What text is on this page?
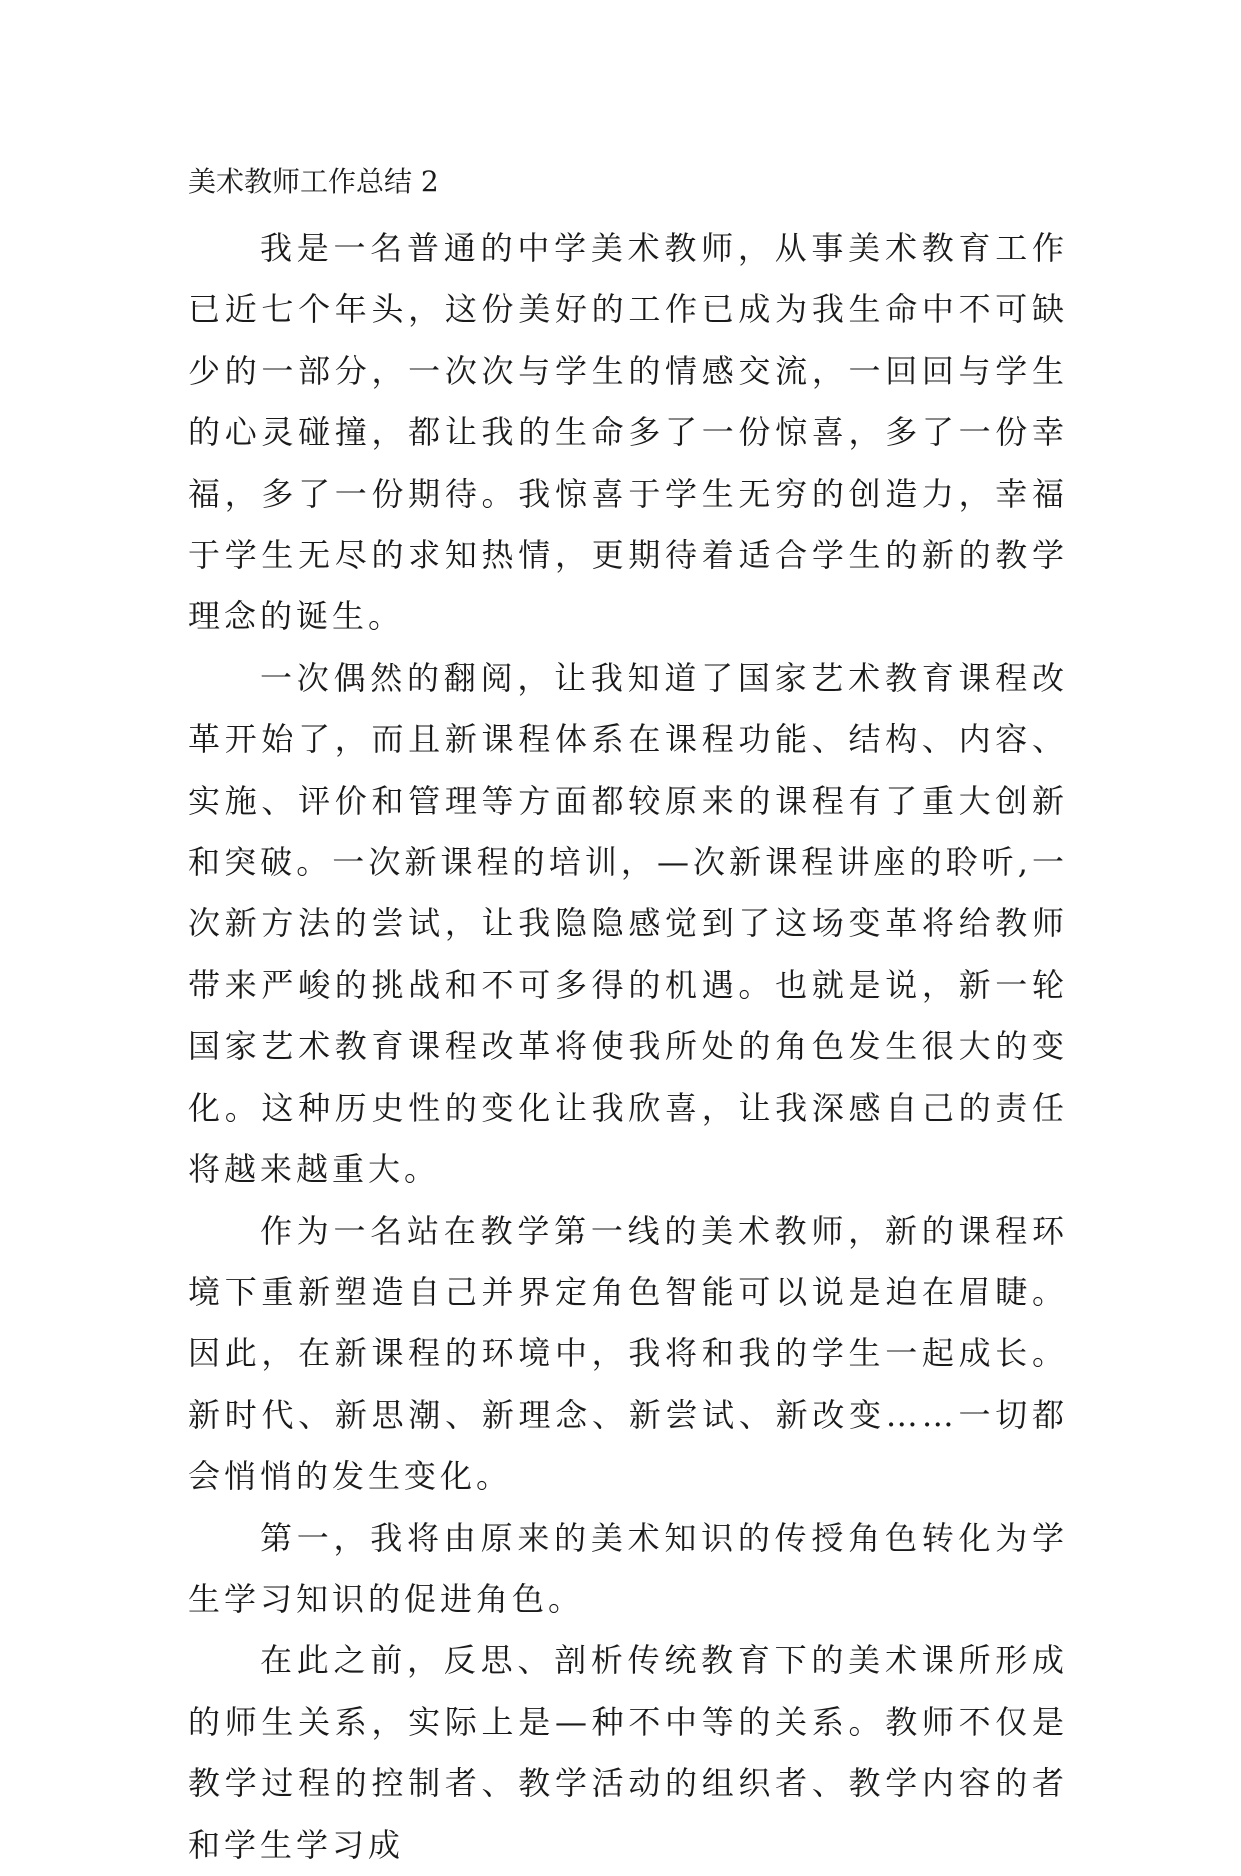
美术教师工作总结 2

我是一名普通的中学美术教师，从事美术教育工作已近七个年头，这份美好的工作已成为我生命中不可缺少的一部分，一次次与学生的情感交流，一回回与学生的心灵碰撞，都让我的生命多了一份惊喜，多了一份幸福，多了一份期待。我惊喜于学生无穷的创造力，幸福于学生无尽的求知热情，更期待着适合学生的新的教学理念的诞生。

一次偶然的翻阅，让我知道了国家艺术教育课程改革开始了，而且新课程体系在课程功能、结构、内容、实施、评价和管理等方面都较原来的课程有了重大创新和突破。一次新课程的培训，—次新课程讲座的聆听,一次新方法的尝试，让我隐隐感觉到了这场变革将给教师带来严峻的挑战和不可多得的机遇。也就是说，新一轮国家艺术教育课程改革将使我所处的角色发生很大的变化。这种历史性的变化让我欣喜，让我深感自己的责任将越来越重大。

作为一名站在教学第一线的美术教师，新的课程环境下重新塑造自己并界定角色智能可以说是迫在眉睫。因此，在新课程的环境中，我将和我的学生一起成长。新时代、新思潮、新理念、新尝试、新改变……一切都会悄悄的发生变化。

第一，我将由原来的美术知识的传授角色转化为学生学习知识的促进角色。

在此之前，反思、剖析传统教育下的美术课所形成的师生关系，实际上是—种不中等的关系。教师不仅是教学过程的控制者、教学活动的组织者、教学内容的者和学生学习成
